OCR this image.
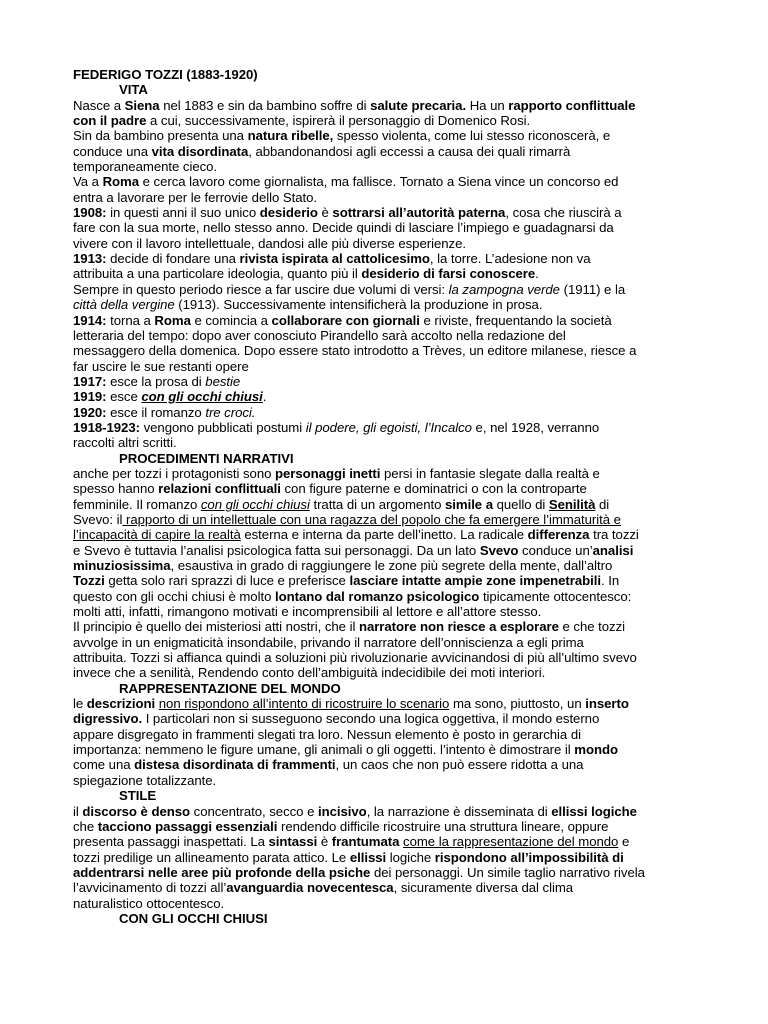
FEDERIGO TOZZI (1883-1920)
VITA
Nasce a Siena nel 1883 e sin da bambino soffre di salute precaria. Ha un rapporto conflittuale
con il padre a cui, successivamente, ispirerà il personaggio di Domenico Rosi.
Sin da bambino presenta una natura ribelle, spesso violenta, come lui stesso riconoscerà, e
conduce una vita disordinata, abbandonandosi agli eccessi a causa dei quali rimarrà
temporaneamente cieco.
Va a Roma e cerca lavoro come giornalista, ma fallisce. Tornato a Siena vince un concorso ed
entra a lavorare per le ferrovie dello Stato.
1908: in questi anni il suo unico desiderio è sottrarsi all’autorità paterna, cosa che riuscirà a
fare con la sua morte, nello stesso anno. Decide quindi di lasciare l’impiego e guadagnarsi da
vivere con il lavoro intellettuale, dandosi alle più diverse esperienze.
1913: decide di fondare una rivista ispirata al cattolicesimo, la torre. L’adesione non va
attribuita a una particolare ideologia, quanto più il desiderio di farsi conoscere.
Sempre in questo periodo riesce a far uscire due volumi di versi: la zampogna verde (1911) e la
città della vergine (1913). Successivamente intensificherà la produzione in prosa.
1914: torna a Roma e comincia a collaborare con giornali e riviste, frequentando la società
letteraria del tempo: dopo aver conosciuto Pirandello sarà accolto nella redazione del
messaggero della domenica. Dopo essere stato introdotto a Trèves, un editore milanese, riesce a
far uscire le sue restanti opere
1917: esce la prosa di bestie
1919: esce con gli occhi chiusi.
1920: esce il romanzo tre croci.
1918-1923: vengono pubblicati postumi il podere, gli egoisti, l’Incalco e, nel 1928, verranno
raccolti altri scritti.
PROCEDIMENTI NARRATIVI
anche per tozzi i protagonisti sono personaggi inetti persi in fantasie slegate dalla realtà e
spesso hanno relazioni conflittuali con figure paterne e dominatrici o con la controparte
femminile. Il romanzo con gli occhi chiusi tratta di un argomento simile a quello di Senilità di
Svevo: il rapporto di un intellettuale con una ragazza del popolo che fa emergere l’immaturità e
l’incapacità di capire la realtà esterna e interna da parte dell’inetto. La radicale differenza tra tozzi
e Svevo è tuttavia l’analisi psicologica fatta sui personaggi. Da un lato Svevo conduce un’analisi
minuziosissima, esaustiva in grado di raggiungere le zone più segrete della mente, dall’altro
Tozzi getta solo rari sprazzi di luce e preferisce lasciare intatte ampie zone impenetrabili. In
questo con gli occhi chiusi è molto lontano dal romanzo psicologico tipicamente ottocentesco:
molti atti, infatti, rimangono motivati e incomprensibili al lettore e all’attore stesso.
Il principio è quello dei misteriosi atti nostri, che il narratore non riesce a esplorare e che tozzi
avvolge in un enigmaticità insondabile, privando il narratore dell’onniscienza a egli prima
attribuita. Tozzi si affianca quindi a soluzioni più rivoluzionarie avvicinandosi di più all’ultimo svevo
invece che a senilità, Rendendo conto dell’ambiguità indecidibile dei moti interiori.
RAPPRESENTAZIONE DEL MONDO
le descrizioni non rispondono all’intento di ricostruire lo scenario ma sono, piuttosto, un inserto
digressivo. I particolari non si susseguono secondo una logica oggettiva, il mondo esterno
appare disgregato in frammenti slegati tra loro. Nessun elemento è posto in gerarchia di
importanza: nemmeno le figure umane, gli animali o gli oggetti. l’intento è dimostrare il mondo
come una distesa disordinata di frammenti, un caos che non può essere ridotta a una
spiegazione totalizzante.
STILE
il discorso è denso concentrato, secco e incisivo, la narrazione è disseminata di ellissi logiche
che tacciono passaggi essenziali rendendo difficile ricostruire una struttura lineare, oppure
presenta passaggi inaspettati. La sintassi è frantumata come la rappresentazione del mondo e
tozzi predilige un allineamento parata attico. Le ellissi logiche rispondono all’impossibilità di
addentrarsi nelle aree più profonde della psiche dei personaggi. Un simile taglio narrativo rivela
l’avvicinamento di tozzi all’avanguardia novecentesca, sicuramente diversa dal clima
naturalistico ottocentesco.
CON GLI OCCHI CHIUSI
